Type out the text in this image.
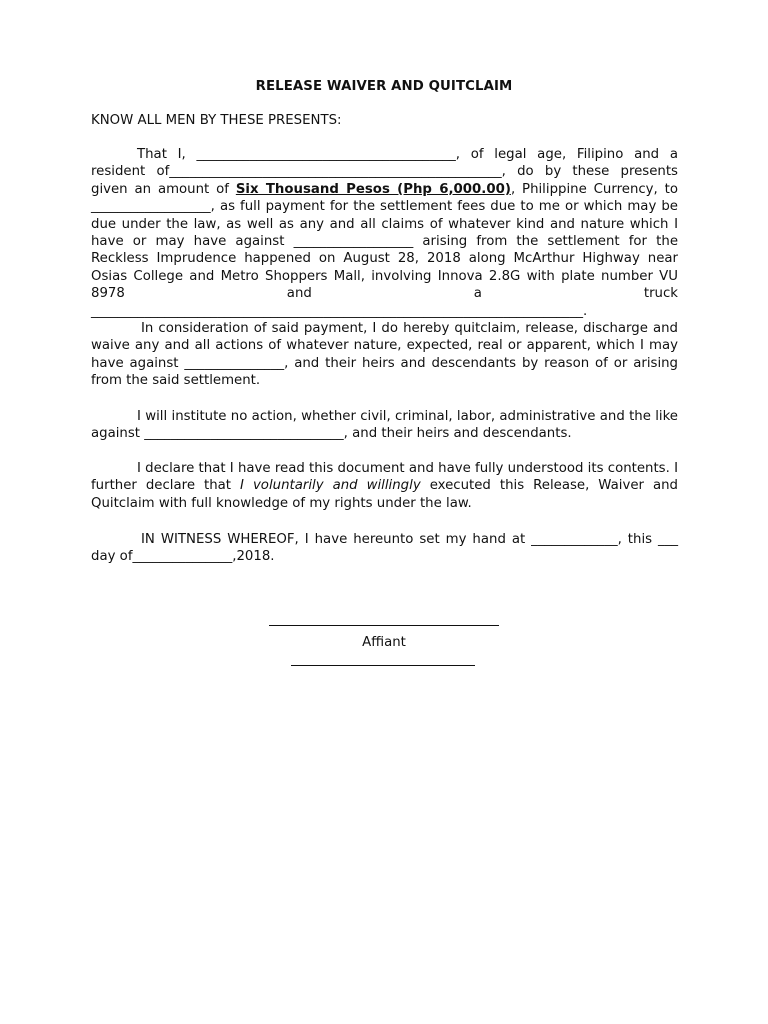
RELEASE WAIVER AND QUITCLAIM
KNOW ALL MEN BY THESE PRESENTS:
That I, _______________________________________, of legal age, Filipino and a resident of__________________________________________________, do by these presents given an amount of Six Thousand Pesos (Php 6,000.00), Philippine Currency, to __________________, as full payment for the settlement fees due to me or which may be due under the law, as well as any and all claims of whatever kind and nature which I have or may have against __________________ arising from the settlement for the Reckless Imprudence happened on August 28, 2018 along McArthur Highway near Osias College and Metro Shoppers Mall, involving Innova 2.8G with plate number VU 8978 and a truck __________________________________________________________________________.
In consideration of said payment, I do hereby quitclaim, release, discharge and waive any and all actions of whatever nature, expected, real or apparent, which I may have against _______________, and their heirs and descendants by reason of or arising from the said settlement.
I will institute no action, whether civil, criminal, labor, administrative and the like against ______________________________, and their heirs and descendants.
I declare that I have read this document and have fully understood its contents. I further declare that I voluntarily and willingly executed this Release, Waiver and Quitclaim with full knowledge of my rights under the law.
IN WITNESS WHEREOF, I have hereunto set my hand at _____________, this ___ day of_______________,2018.
Affiant
